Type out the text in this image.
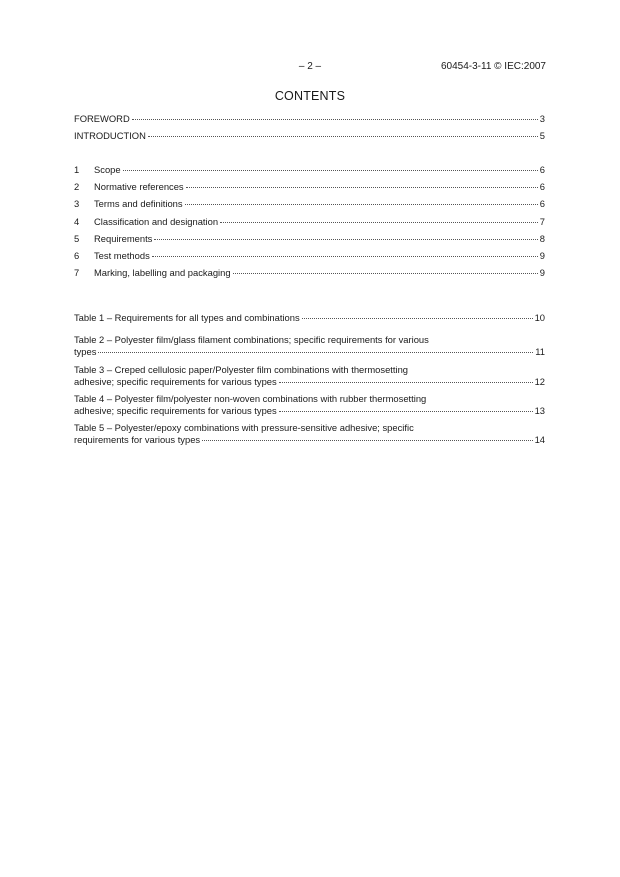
– 2 –	60454-3-11 © IEC:2007
CONTENTS
FOREWORD	3
INTRODUCTION	5
1	Scope	6
2	Normative references	6
3	Terms and definitions	6
4	Classification and designation	7
5	Requirements	8
6	Test methods	9
7	Marking, labelling and packaging	9
Table 1 – Requirements for all types and combinations	10
Table 2 – Polyester film/glass filament combinations; specific requirements for various
types	11
Table 3 – Creped cellulosic paper/Polyester film combinations with thermosetting
adhesive; specific requirements for various types	12
Table 4 – Polyester film/polyester non-woven combinations with rubber thermosetting
adhesive; specific requirements for various types	13
Table 5 – Polyester/epoxy combinations with pressure-sensitive adhesive; specific
requirements for various types	14
